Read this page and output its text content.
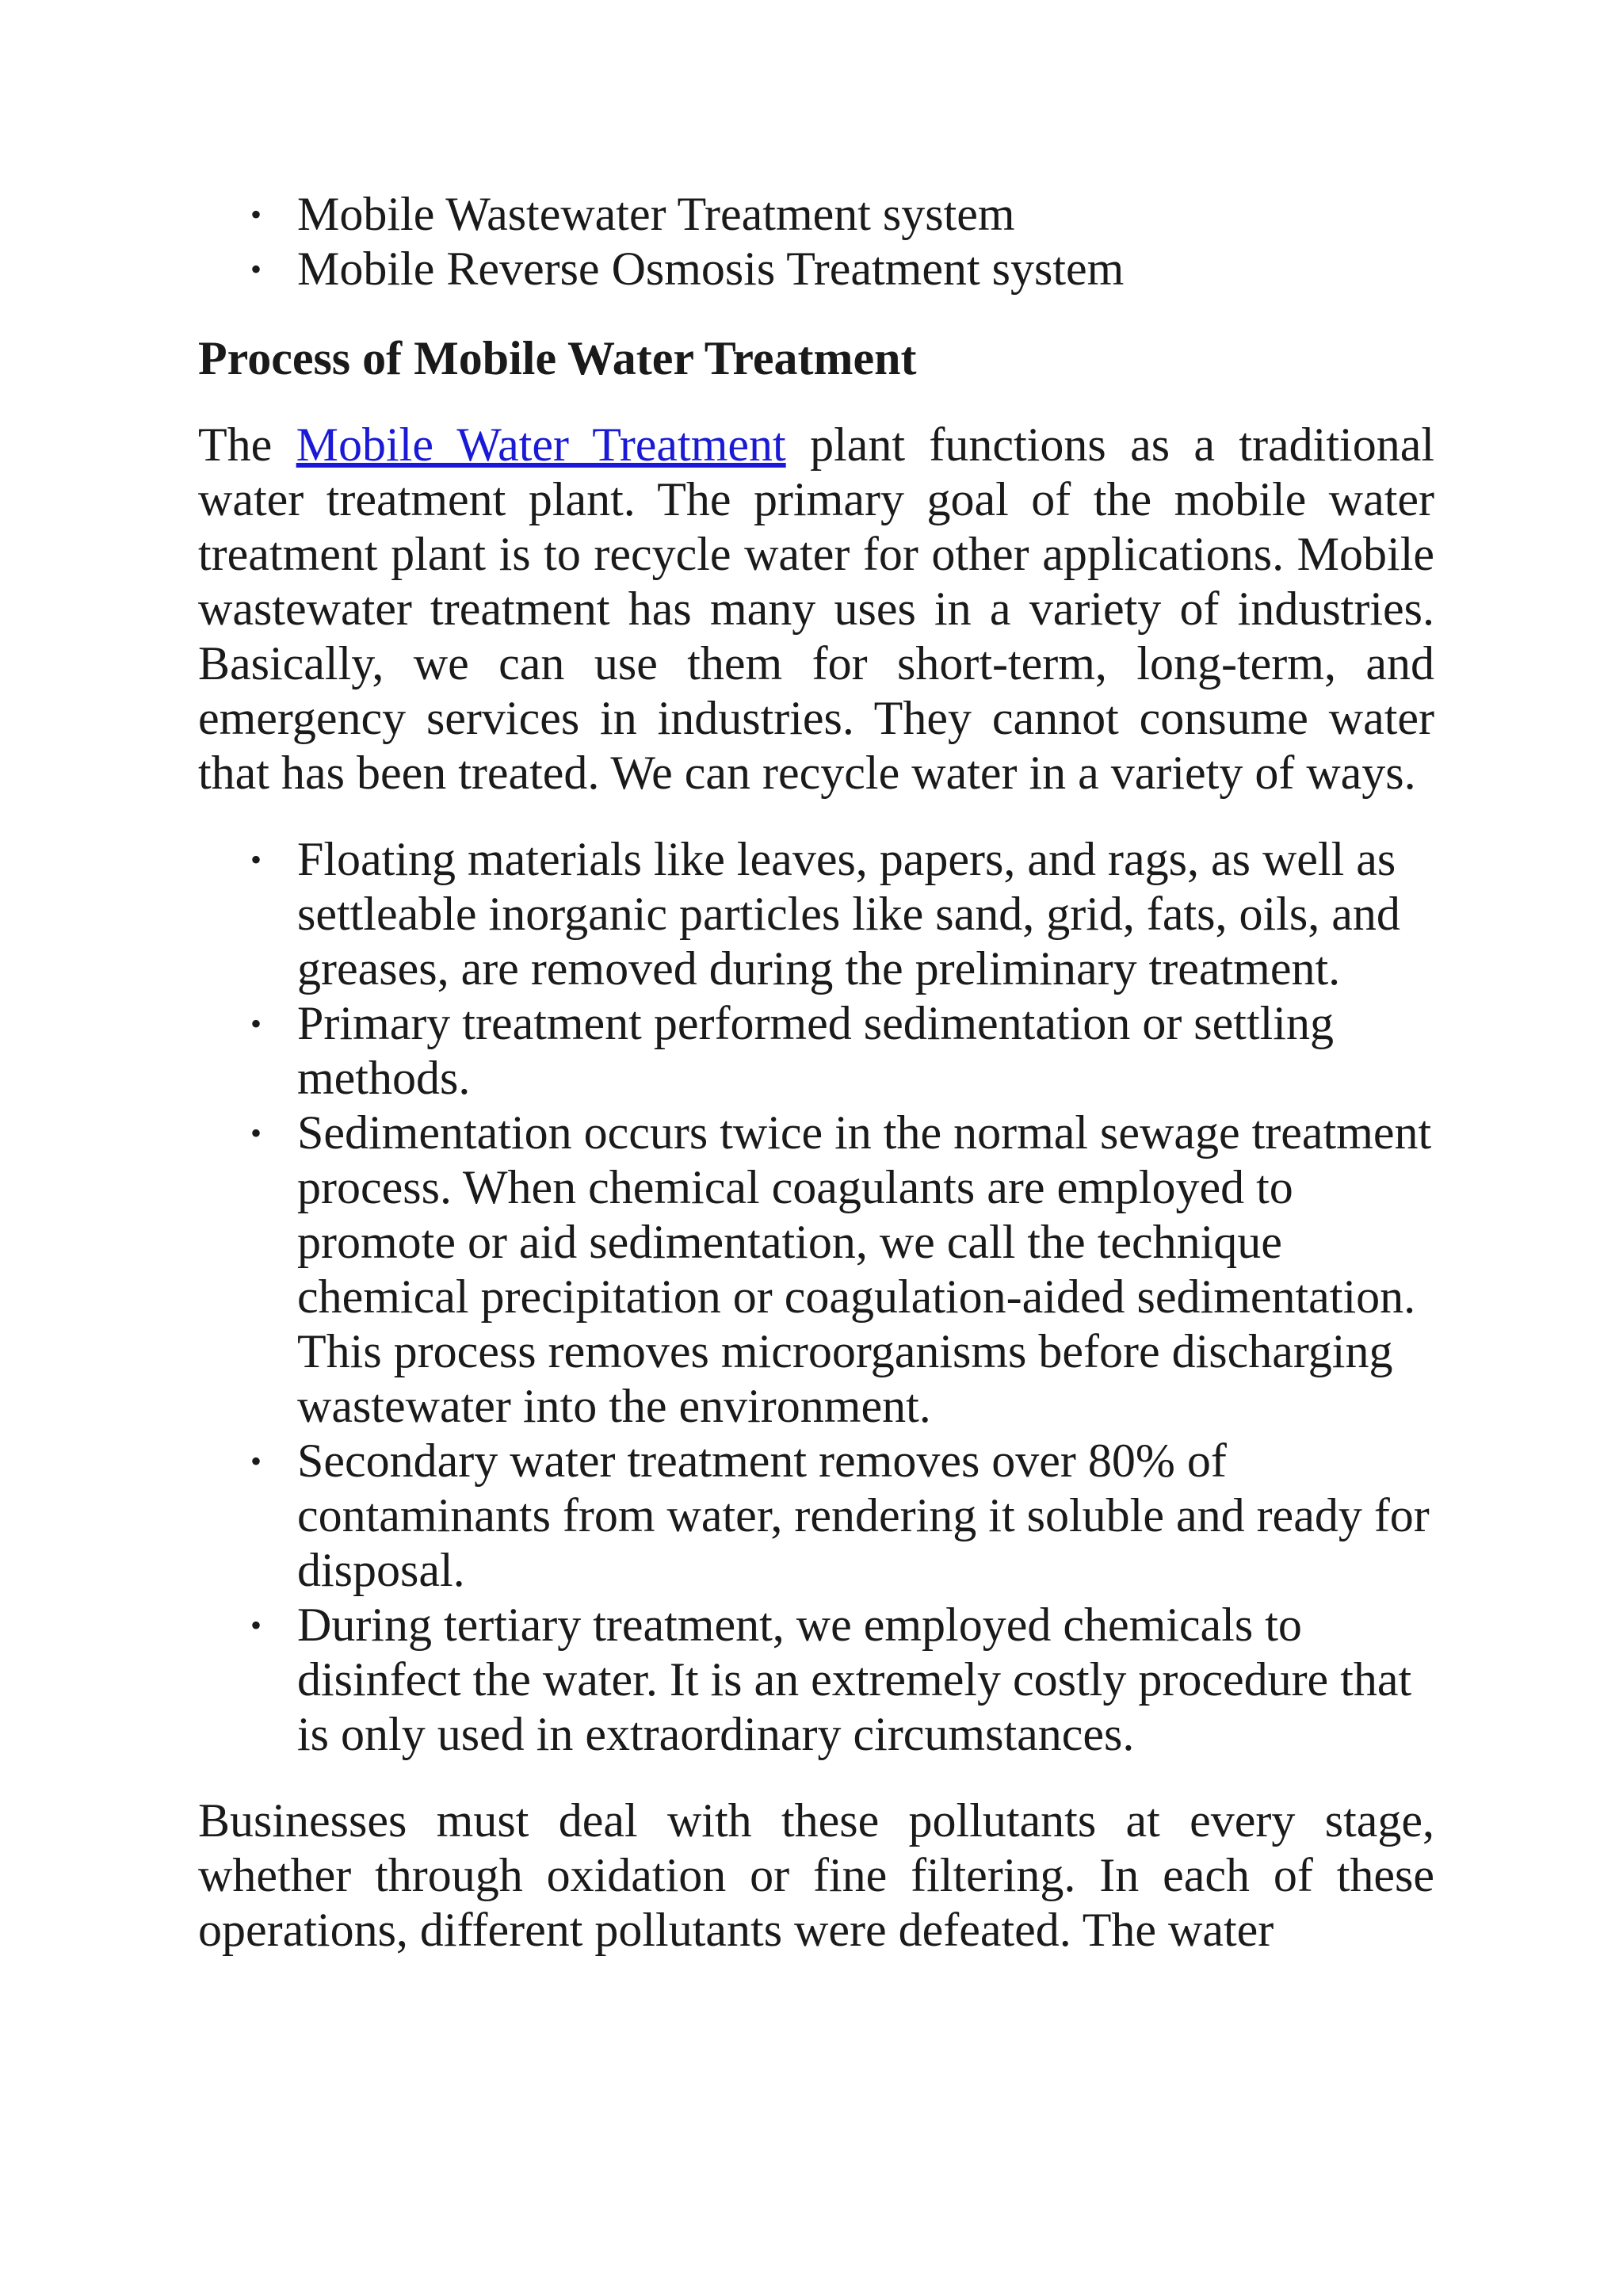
• Mobile Wastewater Treatment system
• Mobile Reverse Osmosis Treatment system
Process of Mobile Water Treatment

The Mobile Water Treatment plant functions as a traditional water treatment plant. The primary goal of the mobile water treatment plant is to recycle water for other applications. Mobile wastewater treatment has many uses in a variety of industries. Basically, we can use them for short-term, long-term, and emergency services in industries. They cannot consume water that has been treated. We can recycle water in a variety of ways.

• Floating materials like leaves, papers, and rags, as well as settleable inorganic particles like sand, grid, fats, oils, and greases, are removed during the preliminary treatment.
• Primary treatment performed sedimentation or settling methods.
• Sedimentation occurs twice in the normal sewage treatment process. When chemical coagulants are employed to promote or aid sedimentation, we call the technique chemical precipitation or coagulation-aided sedimentation. This process removes microorganisms before discharging wastewater into the environment.
• Secondary water treatment removes over 80% of contaminants from water, rendering it soluble and ready for disposal.
• During tertiary treatment, we employed chemicals to disinfect the water. It is an extremely costly procedure that is only used in extraordinary circumstances.

Businesses must deal with these pollutants at every stage, whether through oxidation or fine filtering. In each of these operations, different pollutants were defeated. The water
